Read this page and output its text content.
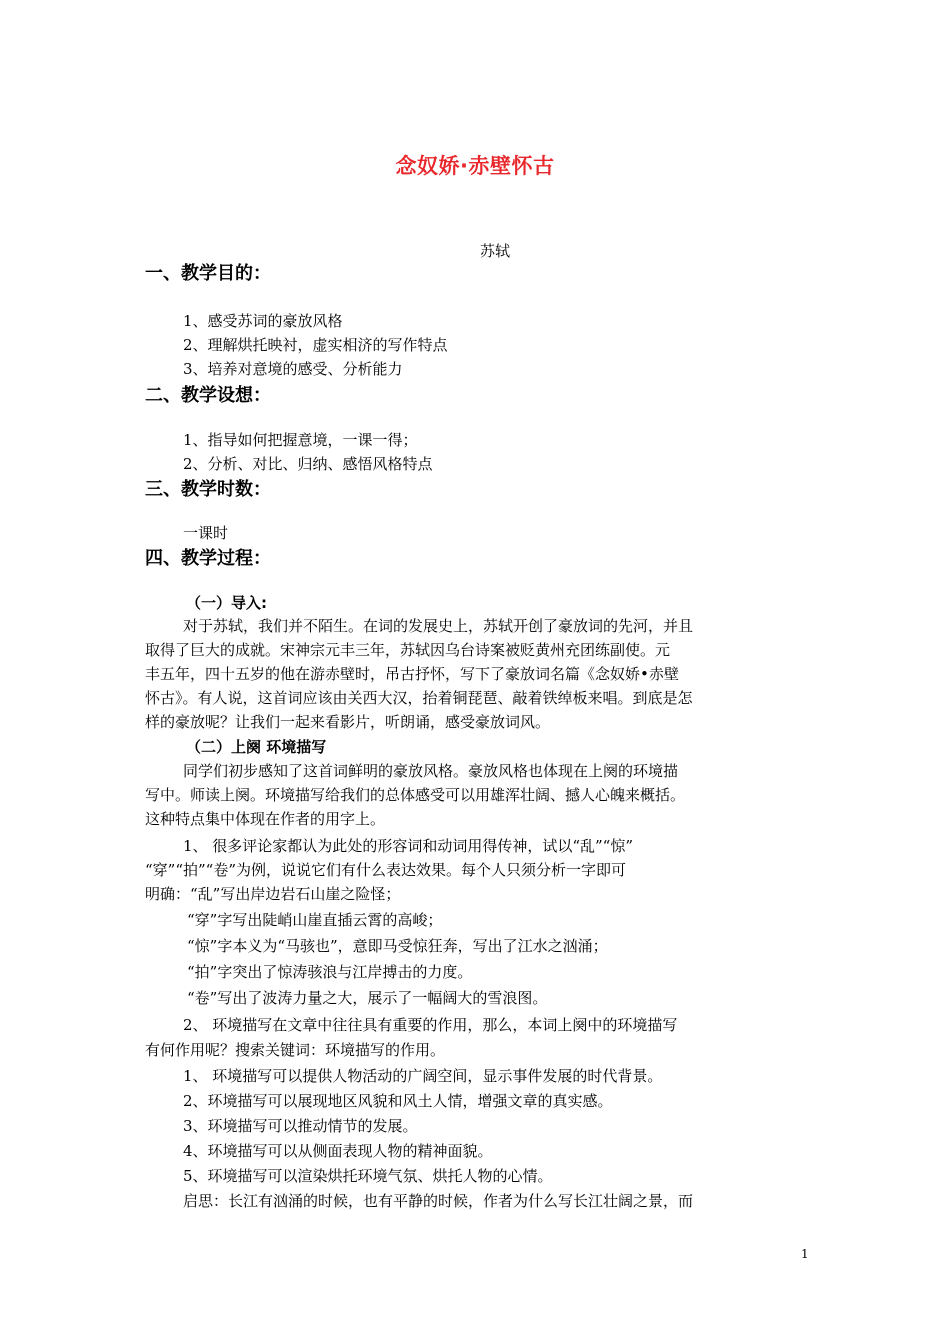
念奴娇·赤壁怀古
苏轼
一、教学目的：
1、感受苏词的豪放风格
2、理解烘托映衬，虚实相济的写作特点
3、培养对意境的感受、分析能力
二、教学设想：
1、指导如何把握意境，一课一得；
2、分析、对比、归纳、感悟风格特点
三、教学时数：
一课时
四、教学过程：
（一）导入:
对于苏轼，我们并不陌生。在词的发展史上，苏轼开创了豪放词的先河，并且
取得了巨大的成就。宋神宗元丰三年，苏轼因乌台诗案被贬黄州充团练副使。元
丰五年，四十五岁的他在游赤壁时，吊古抒怀，写下了豪放词名篇《念奴娇•赤壁
怀古》。有人说，这首词应该由关西大汉，抬着铜琵琶、敲着铁绰板来唱。到底是怎
样的豪放呢？让我们一起来看影片，听朗诵，感受豪放词风。
（二）上阕 环境描写
同学们初步感知了这首词鲜明的豪放风格。豪放风格也体现在上阕的环境描
写中。师读上阕。环境描写给我们的总体感受可以用雄浑壮阔、撼人心魄来概括。
这种特点集中体现在作者的用字上。
1、 很多评论家都认为此处的形容词和动词用得传神，试以“乱”“惊”
“穿”“拍”“卷”为例，说说它们有什么表达效果。每个人只须分析一字即可
明确：“乱”写出岸边岩石山崖之险怪；
“穿”字写出陡峭山崖直插云霄的高峻；
“惊”字本义为“马骇也”，意即马受惊狂奔，写出了江水之汹涌；
“拍”字突出了惊涛骇浪与江岸搏击的力度。
“卷”写出了波涛力量之大，展示了一幅阔大的雪浪图。
2、 环境描写在文章中往往具有重要的作用，那么，本词上阕中的环境描写
有何作用呢？搜索关键词：环境描写的作用。
1、 环境描写可以提供人物活动的广阔空间，显示事件发展的时代背景。
2、环境描写可以展现地区风貌和风土人情，增强文章的真实感。
3、环境描写可以推动情节的发展。
4、环境描写可以从侧面表现人物的精神面貌。
5、环境描写可以渲染烘托环境气氛、烘托人物的心情。
启思：长江有汹涌的时候，也有平静的时候，作者为什么写长江壮阔之景，而
1
